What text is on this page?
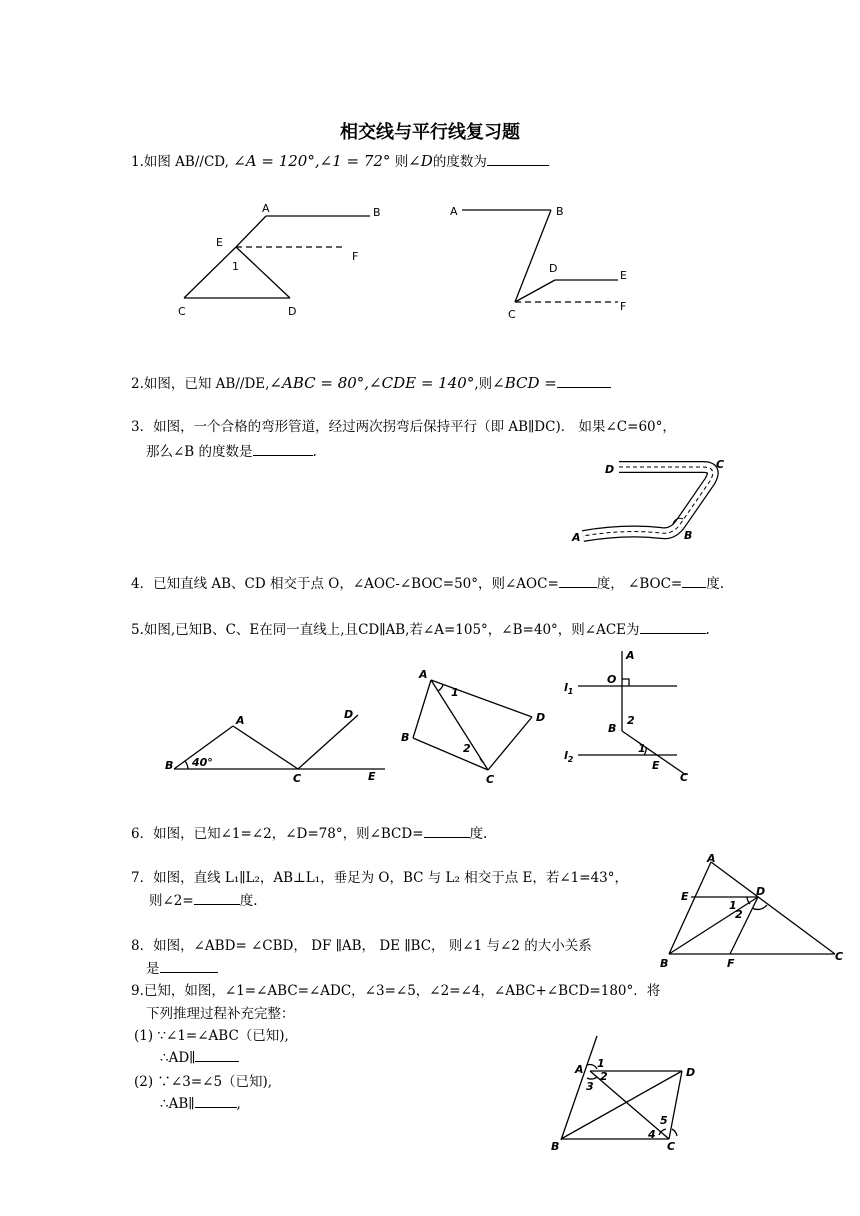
相交线与平行线复习题
1.如图 AB//CD, ∠A = 120°,∠1 = 72° 则∠D的度数为
A	B
E
F
1
C	D
A	B
D
E
F
C
2.如图，已知 AB//DE,∠ABC = 80°,∠CDE = 140°,则∠BCD =
3．如图，一个合格的弯形管道，经过两次拐弯后保持平行（即 AB∥DC)． 如果∠C=60°，
那么∠B 的度数是	.
D	C
A	B
4．已知直线 AB、CD 相交于点 O，∠AOC-∠BOC=50°，则∠AOC=	度， ∠BOC= 度.
5.如图,已知B、C、E在同一直线上,且CD∥AB,若∠A=105°，∠B=40°，则∠ACE为	.
A	D
B 40°
C	E
A
1
D
B
2
C
A
O
$l_1$
B
2
$l_2$
1
E
C
6．如图，已知∠1=∠2，∠D=78°，则∠BCD=	度.
7．如图，直线 L₁∥L₂，AB⊥L₁，垂足为 O，BC 与 L₂ 相交于点 E，若∠1=43°，
则∠2=	度.
A
E	D
1
2
B	F
C
8．如图，∠ABD= ∠CBD， DF ∥AB， DE ∥BC， 则∠1 与∠2 的大小关系
是
9.已知，如图，∠1=∠ABC=∠ADC，∠3=∠5，∠2=∠4，∠ABC+∠BCD=180°．将
下列推理过程补充完整：
(1) ∵∠1=∠ABC（已知),
∴AD∥
(2) ∵∠3=∠5（已知),
∴AB∥	,
A 1
2
3
D
5
4
B	C
